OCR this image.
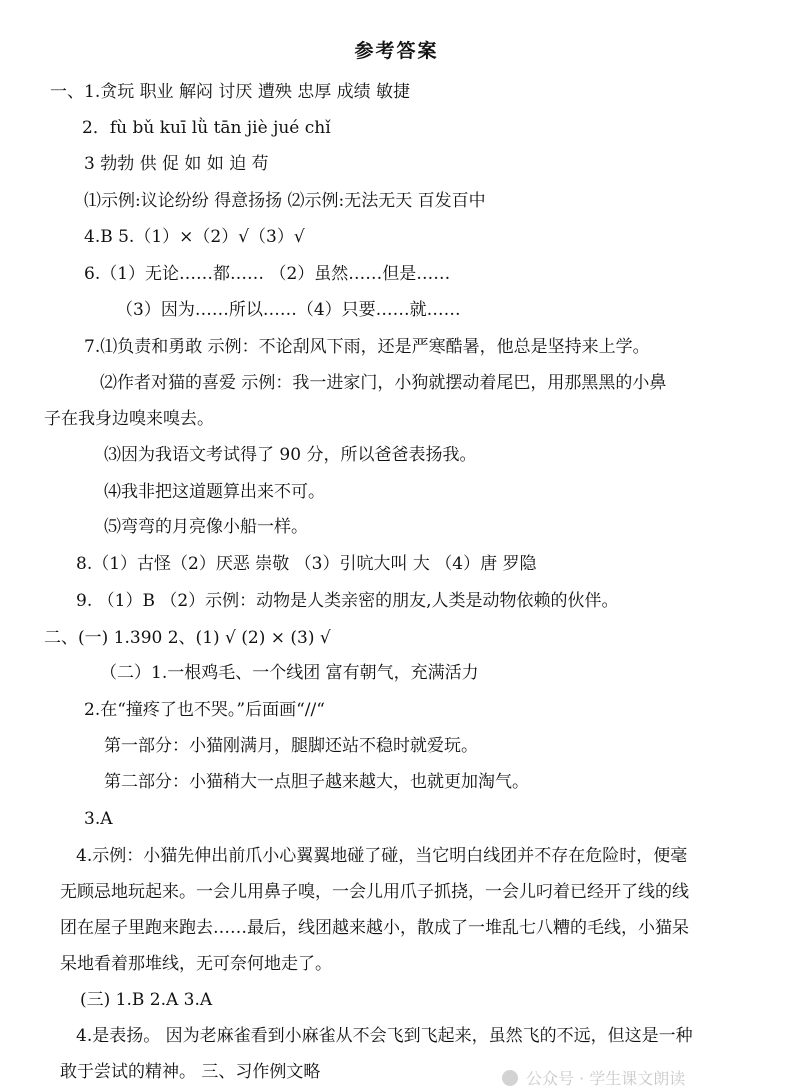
参考答案
一、1.贪玩 职业 解闷 讨厌 遭殃 忠厚 成绩 敏捷
2．fù bǔ kuī lǜ tān jiè jué chǐ
3 勃勃 供 促 如 如 迫 苟
⑴示例:议论纷纷 得意扬扬 ⑵示例:无法无天 百发百中
4.B 5.（1）×（2）√（3）√
6.（1）无论……都…… （2）虽然……但是……
（3）因为……所以……（4）只要……就……
7.⑴负责和勇敢 示例：不论刮风下雨，还是严寒酷暑，他总是坚持来上学。
⑵作者对猫的喜爱 示例：我一进家门，小狗就摆动着尾巴，用那黑黑的小鼻
子在我身边嗅来嗅去。
⑶因为我语文考试得了 90 分，所以爸爸表扬我。
⑷我非把这道题算出来不可。
⑸弯弯的月亮像小船一样。
8.（1）古怪（2）厌恶 崇敬 （3）引吭大叫 大 （4）唐 罗隐
9. （1）B （2）示例：动物是人类亲密的朋友,人类是动物依赖的伙伴。
二、(一) 1.390 2、(1) √ (2) × (3) √
（二）1.一根鸡毛、一个线团 富有朝气，充满活力
2.在“撞疼了也不哭。”后面画“//“
第一部分：小猫刚满月，腿脚还站不稳时就爱玩。
第二部分：小猫稍大一点胆子越来越大，也就更加淘气。
3.A
4.示例：小猫先伸出前爪小心翼翼地碰了碰，当它明白线团并不存在危险时，便毫
无顾忌地玩起来。一会儿用鼻子嗅，一会儿用爪子抓挠，一会儿叼着已经开了线的线
团在屋子里跑来跑去……最后，线团越来越小，散成了一堆乱七八糟的毛线，小猫呆
呆地看着那堆线，无可奈何地走了。
(三) 1.B 2.A 3.A
4.是表扬。 因为老麻雀看到小麻雀从不会飞到飞起来，虽然飞的不远，但这是一种
敢于尝试的精神。 三、习作例文略	公众号 · 学生课文朗读
